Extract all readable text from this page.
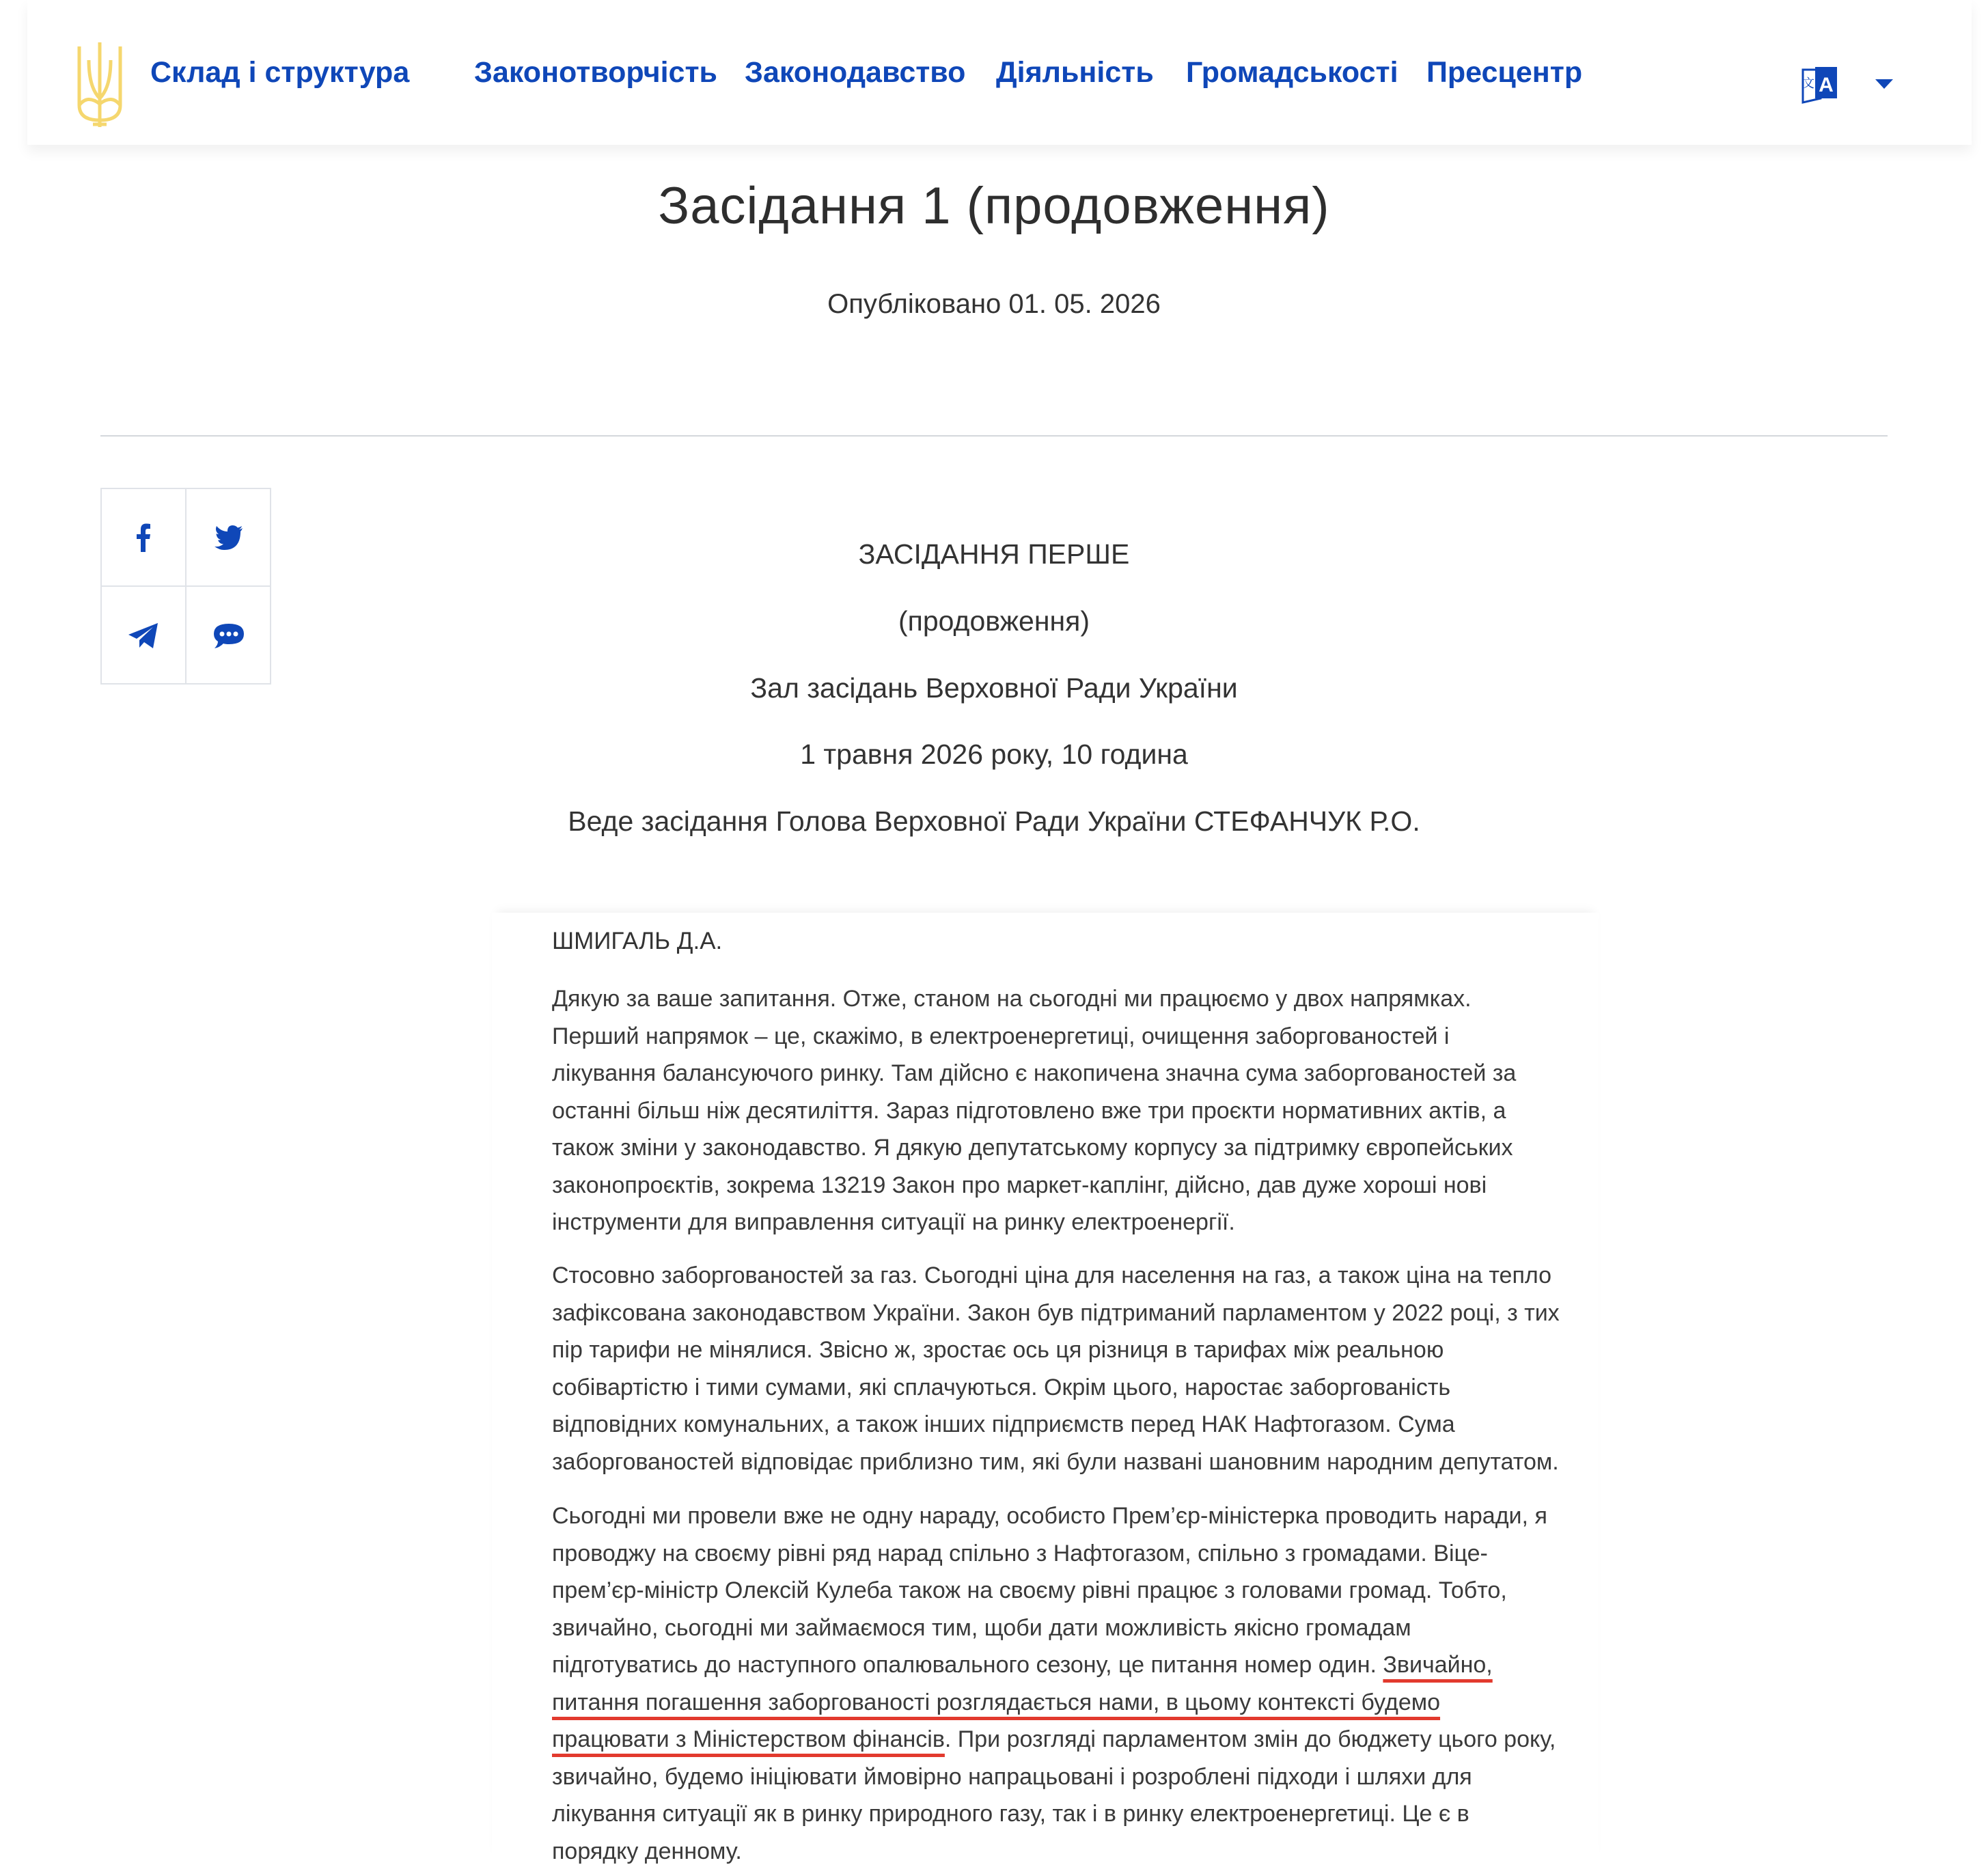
Склад і структура Законотворчість Законодавство Діяльність Громадськості Пресцентр	A
文
Засідання 1 (продовження)
Опубліковано 01. 05. 2026
ЗАСІДАННЯ ПЕРШЕ
(продовження)
Зал засідань Верховної Ради України
1 травня 2026 року, 10 година
Веде засідання Голова Верховної Ради України СТЕФАНЧУК Р.О.
ШМИГАЛЬ Д.А.

Дякую за ваше запитання. Отже, станом на сьогодні ми працюємо у двох напрямках. Перший напрямок – це, скажімо, в електроенергетиці, очищення заборгованостей і лікування балансуючого ринку. Там дійсно є накопичена значна сума заборгованостей за останні більш ніж десятиліття. Зараз підготовлено вже три проєкти нормативних актів, а також зміни у законодавство. Я дякую депутатському корпусу за підтримку європейських законопроєктів, зокрема 13219 Закон про маркет-каплінг, дійсно, дав дуже хороші нові інструменти для виправлення ситуації на ринку електроенергії.

Стосовно заборгованостей за газ. Сьогодні ціна для населення на газ, а також ціна на тепло зафіксована законодавством України. Закон був підтриманий парламентом у 2022 році, з тих пір тарифи не мінялися. Звісно ж, зростає ось ця різниця в тарифах між реальною собівартістю і тими сумами, які сплачуються. Окрім цього, наростає заборгованість відповідних комунальних, а також інших підприємств перед НАК Нафтогазом. Сума заборгованостей відповідає приблизно тим, які були названі шановним народним депутатом.

Сьогодні ми провели вже не одну нараду, особисто Прем’єр-міністерка проводить наради, я проводжу на своєму рівні ряд нарад спільно з Нафтогазом, спільно з громадами. Віце-прем’єр-міністр Олексій Кулеба також на своєму рівні працює з головами громад. Тобто, звичайно, сьогодні ми займаємося тим, щоби дати можливість якісно громадам підготуватись до наступного опалювального сезону, це питання номер один. Звичайно, питання погашення заборгованості розглядається нами, в цьому контексті будемо працювати з Міністерством фінансів. При розгляді парламентом змін до бюджету цього року, звичайно, будемо ініціювати ймовірно напрацьовані і розроблені підходи і шляхи для лікування ситуації як в ринку природного газу, так і в ринку електроенергетиці. Це є в порядку денному.
